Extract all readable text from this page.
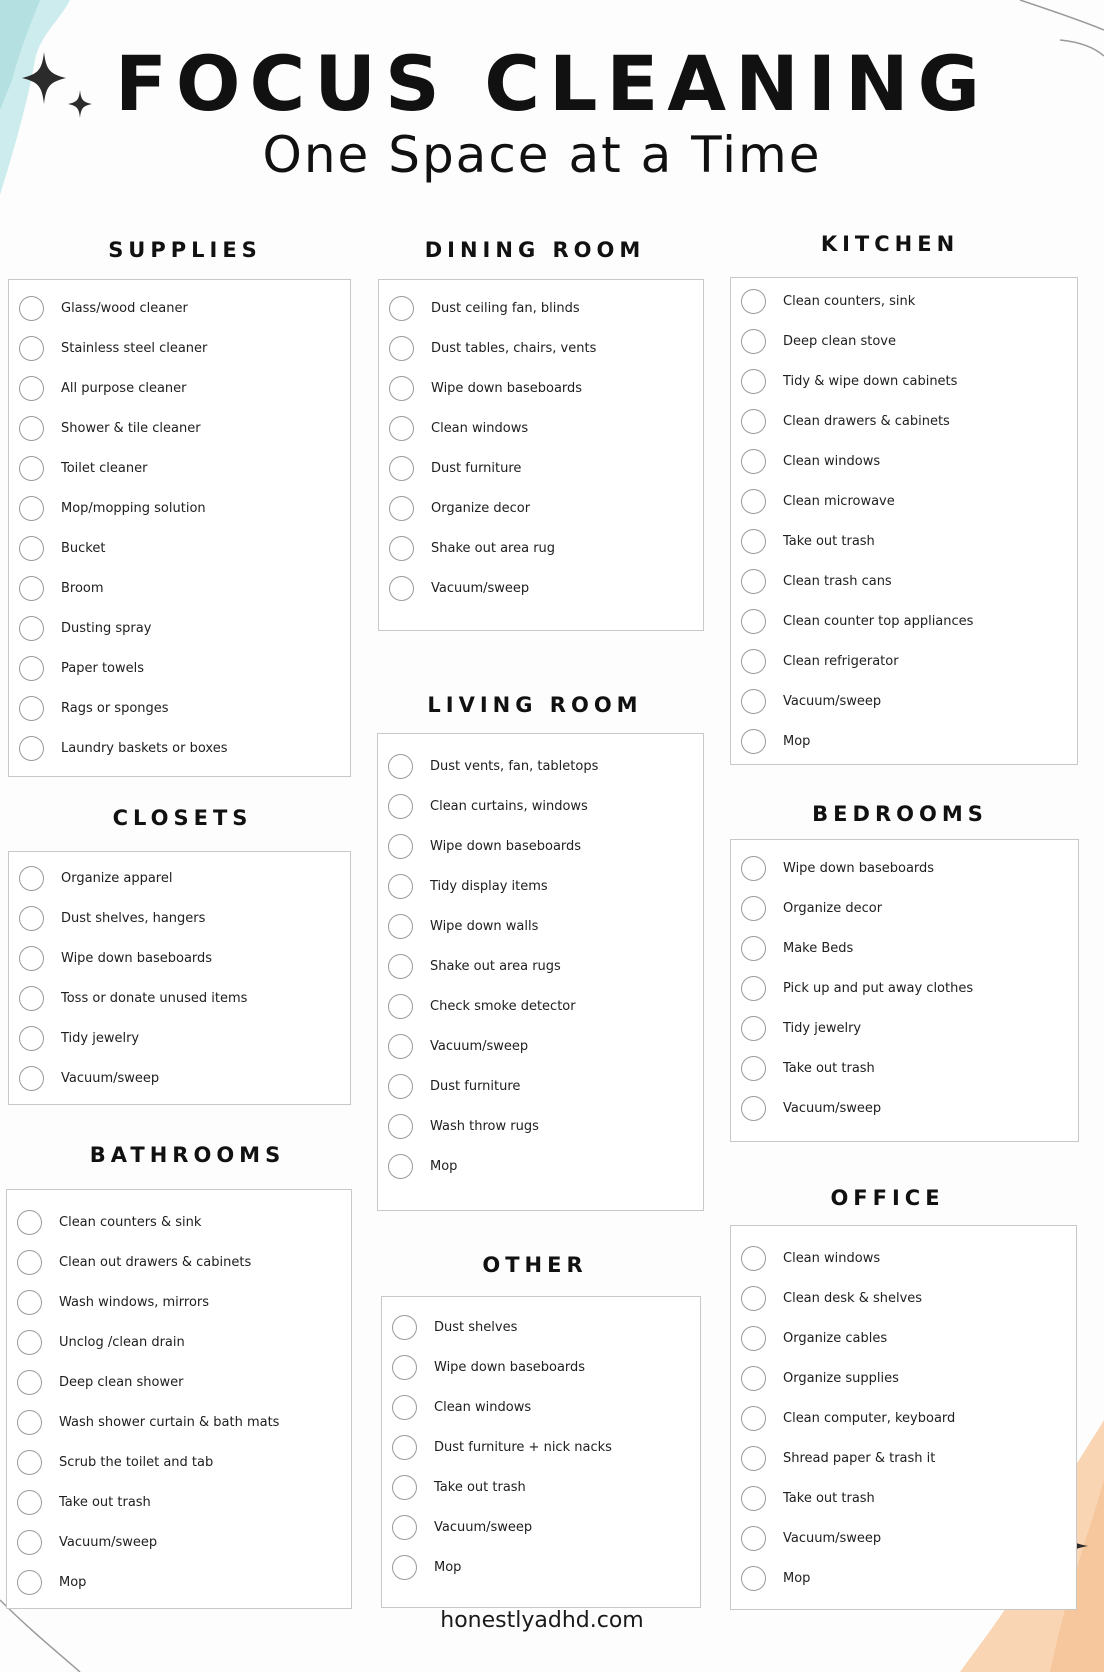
FOCUS CLEANING
One Space at a Time
SUPPLIES
Glass/wood cleaner
Stainless steel cleaner
All purpose cleaner
Shower & tile cleaner
Toilet cleaner
Mop/mopping solution
Bucket
Broom
Dusting spray
Paper towels
Rags or sponges
Laundry baskets or boxes
CLOSETS
Organize apparel
Dust shelves, hangers
Wipe down baseboards
Toss or donate unused items
Tidy jewelry
Vacuum/sweep
BATHROOMS
Clean counters & sink
Clean out drawers & cabinets
Wash windows, mirrors
Unclog /clean drain
Deep clean shower
Wash shower curtain & bath mats
Scrub the toilet and tab
Take out trash
Vacuum/sweep
Mop
DINING ROOM
Dust ceiling fan, blinds
Dust tables, chairs, vents
Wipe down baseboards
Clean windows
Dust furniture
Organize decor
Shake out area rug
Vacuum/sweep
LIVING ROOM
Dust vents, fan, tabletops
Clean curtains, windows
Wipe down baseboards
Tidy display items
Wipe down walls
Shake out area rugs
Check smoke detector
Vacuum/sweep
Dust furniture
Wash throw rugs
Mop
OTHER
Dust shelves
Wipe down baseboards
Clean windows
Dust furniture + nick nacks
Take out trash
Vacuum/sweep
Mop
KITCHEN
Clean counters, sink
Deep clean stove
Tidy & wipe down cabinets
Clean drawers & cabinets
Clean windows
Clean microwave
Take out trash
Clean trash cans
Clean counter top appliances
Clean refrigerator
Vacuum/sweep
Mop
BEDROOMS
Wipe down baseboards
Organize decor
Make Beds
Pick up and put away clothes
Tidy jewelry
Take out trash
Vacuum/sweep
OFFICE
Clean windows
Clean desk & shelves
Organize cables
Organize supplies
Clean computer, keyboard
Shread paper & trash it
Take out trash
Vacuum/sweep
Mop
honestlyadhd.com
